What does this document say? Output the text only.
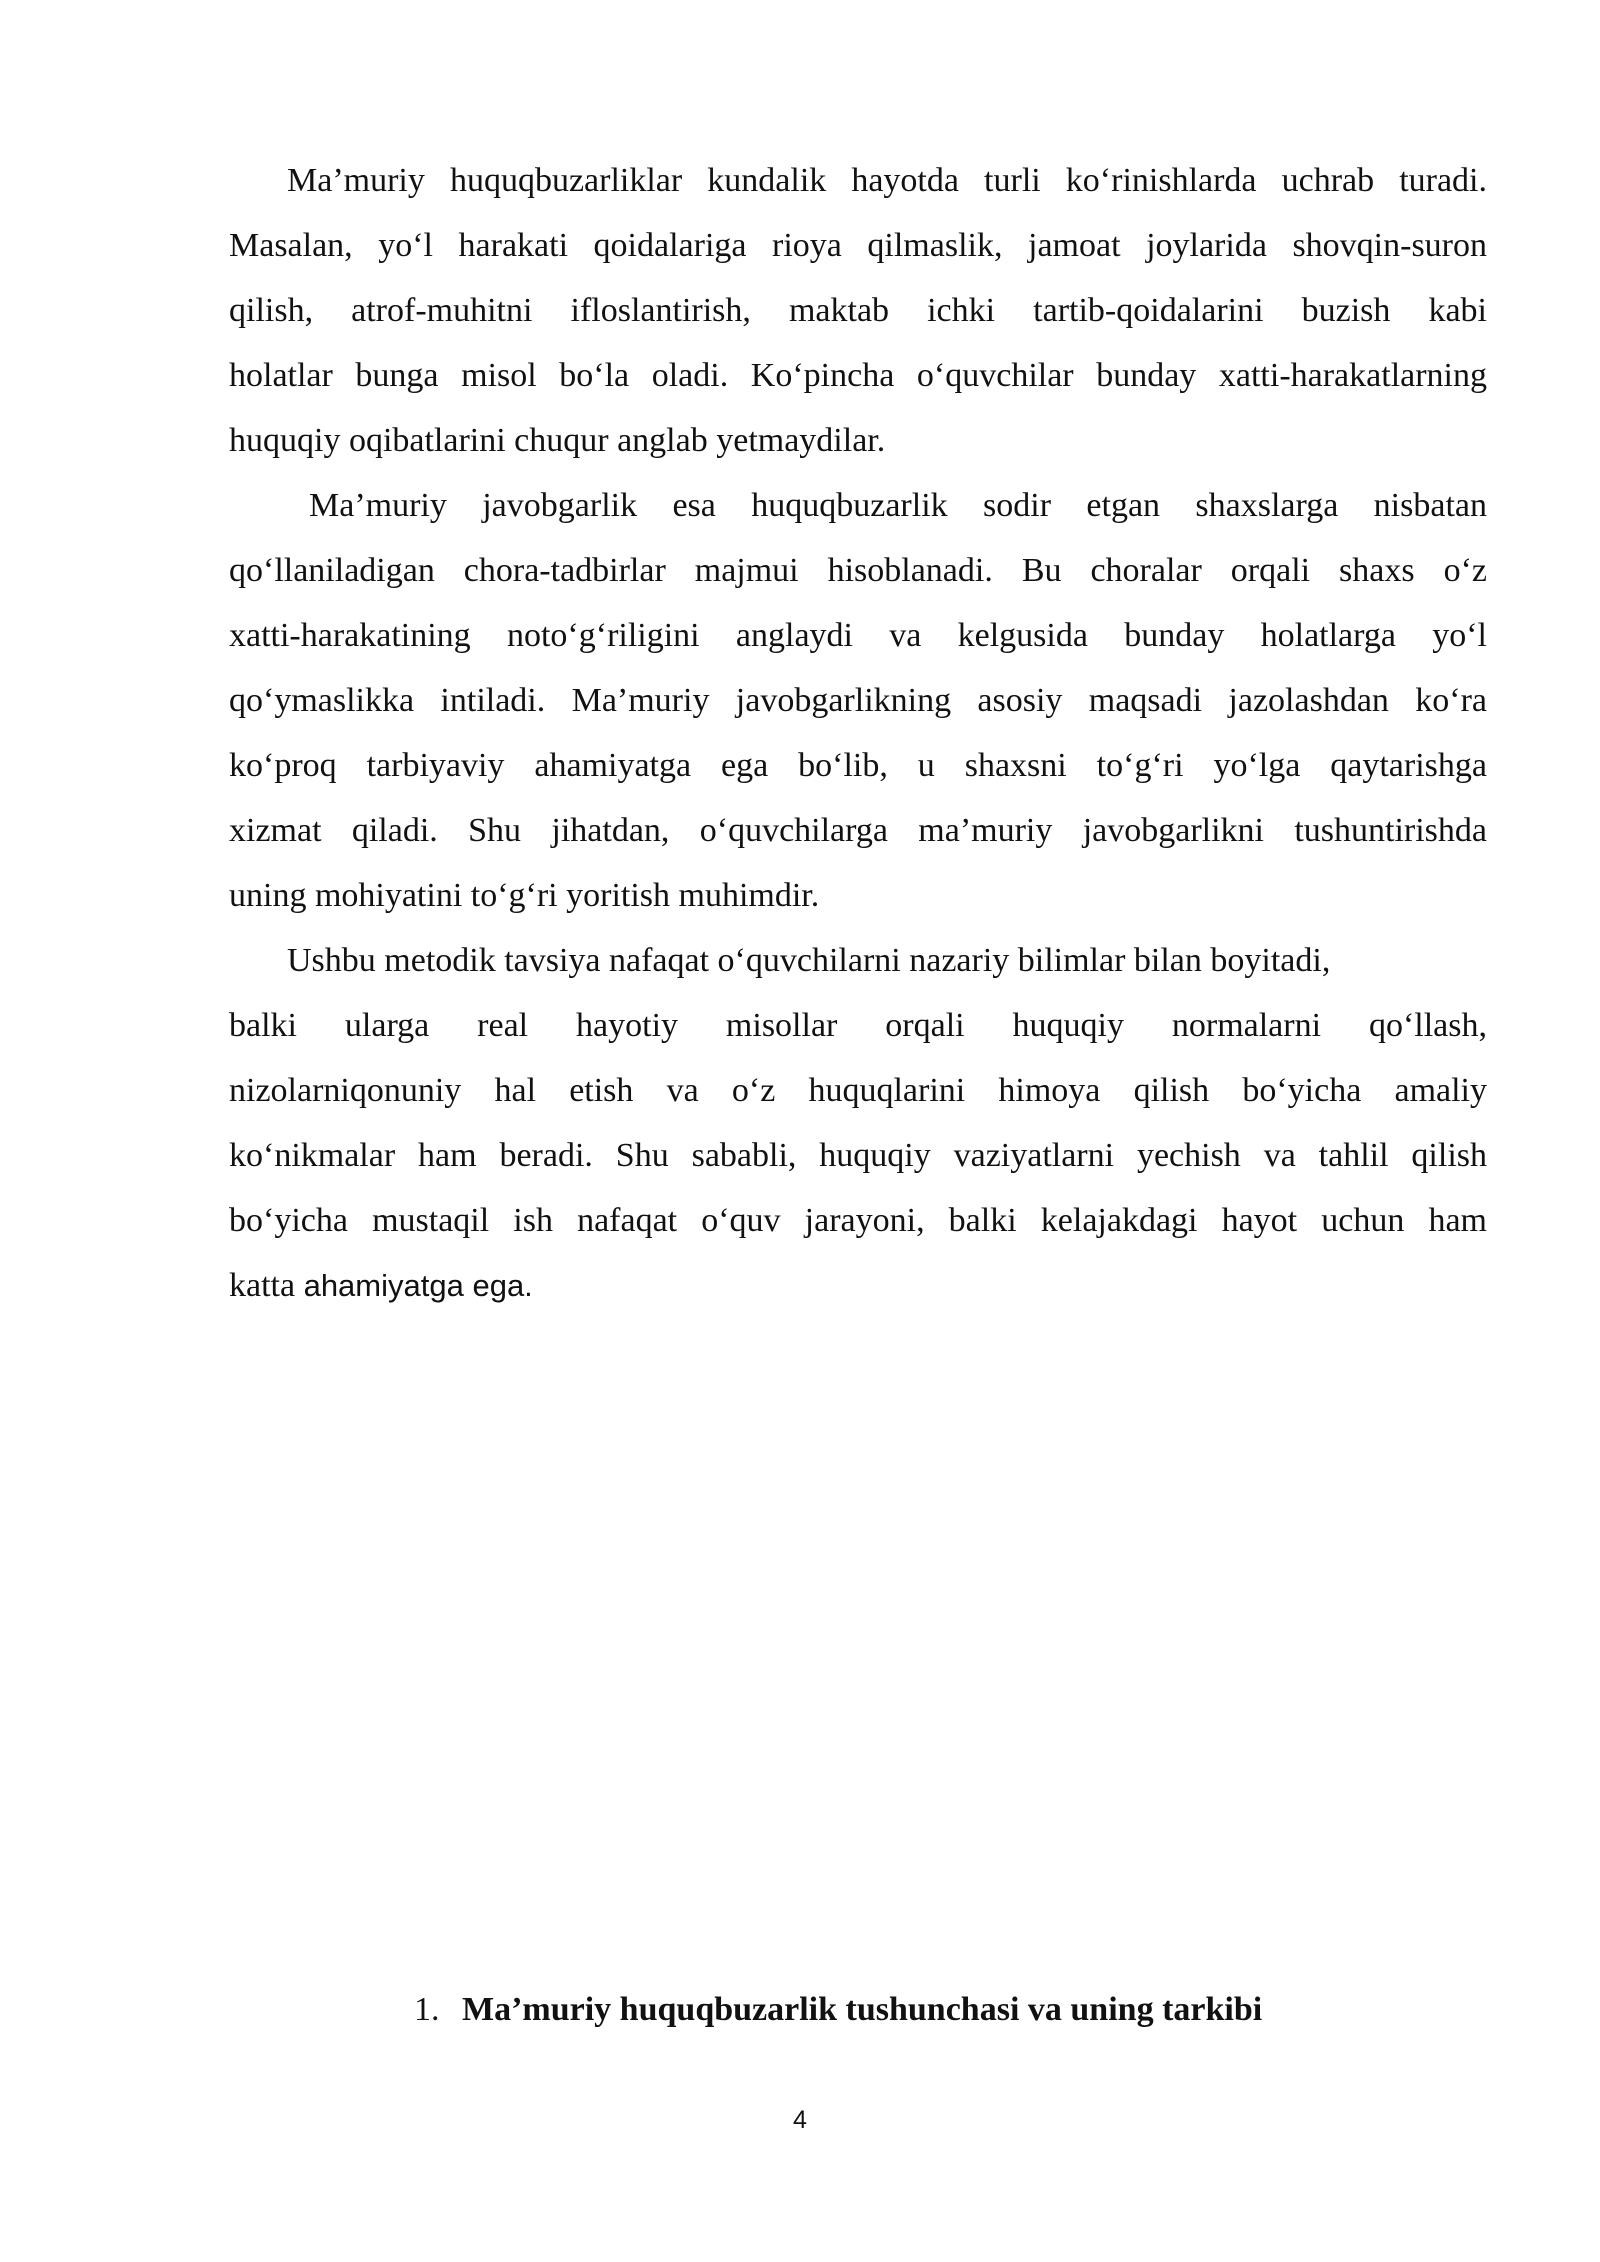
Ma’muriy huquqbuzarliklar kundalik hayotda turli ko‘rinishlarda uchrab turadi.
Masalan, yo‘l harakati qoidalariga rioya qilmaslik, jamoat joylarida shovqin-suron
qilish, atrof-muhitni ifloslantirish, maktab ichki tartib-qoidalarini buzish kabi
holatlar bunga misol bo‘la oladi. Ko‘pincha o‘quvchilar bunday xatti-harakatlarning
huquqiy oqibatlarini chuqur anglab yetmaydilar.

Ma’muriy javobgarlik esa huquqbuzarlik sodir etgan shaxslarga nisbatan
qo‘llaniladigan chora-tadbirlar majmui hisoblanadi. Bu choralar orqali shaxs o‘z
xatti-harakatining noto‘g‘riligini anglaydi va kelgusida bunday holatlarga yo‘l
qo‘ymaslikka intiladi. Ma’muriy javobgarlikning asosiy maqsadi jazolashdan ko‘ra
ko‘proq tarbiyaviy ahamiyatga ega bo‘lib, u shaxsni to‘g‘ri yo‘lga qaytarishga
xizmat qiladi. Shu jihatdan, o‘quvchilarga ma’muriy javobgarlikni tushuntirishda
uning mohiyatini to‘g‘ri yoritish muhimdir.

Ushbu metodik tavsiya nafaqat o‘quvchilarni nazariy bilimlar bilan boyitadi,
balki ularga real hayotiy misollar orqali huquqiy normalarni qo‘llash,
nizolarniqonuniy hal etish va o‘z huquqlarini himoya qilish bo‘yicha amaliy
ko‘nikmalar ham beradi. Shu sababli, huquqiy vaziyatlarni yechish va tahlil qilish
bo‘yicha mustaqil ish nafaqat o‘quv jarayoni, balki kelajakdagi hayot uchun ham
katta ahamiyatga ega.

1. Ma’muriy huquqbuzarlik tushunchasi va uning tarkibi
4
